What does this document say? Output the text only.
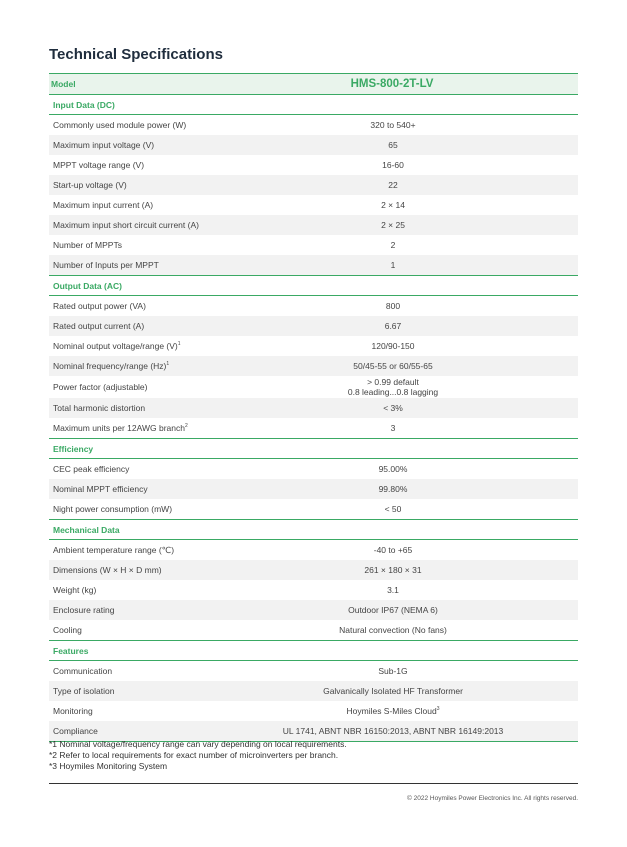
Technical Specifications
Model	HMS-800-2T-LV
Input Data (DC)
Commonly used module power (W)	320 to 540+
Maximum input voltage (V)	65
MPPT voltage range (V)	16-60
Start-up voltage (V)	22
Maximum input current (A)	2 × 14
Maximum input short circuit current (A)	2 × 25
Number of MPPTs	2
Number of Inputs per MPPT	1
Output Data (AC)
Rated output power (VA)	800
Rated output current (A)	6.67
Nominal output voltage/range $(V)^1$	120/90-150
Nominal frequency/range $(Hz)^1$	50/45-55 or 60/55-65
Power factor (adjustable)	> 0.99 default
0.8 leading...0.8 lagging
Total harmonic distortion	< 3%
Maximum units per 12AWG branch$^2$	3
Efficiency
CEC peak efficiency	95.00%
Nominal MPPT efficiency	99.80%
Night power consumption (mW)	< 50
Mechanical Data
Ambient temperature range (℃)	-40 to +65
Dimensions (W × H × D mm)	261 × 180 × 31
Weight (kg)	3.1
Enclosure rating	Outdoor IP67 (NEMA 6)
Cooling	Natural convection (No fans)
Features
Communication	Sub-1G
Type of isolation	Galvanically Isolated HF Transformer
Monitoring	Hoymiles S-Miles Cloud$^3$
Compliance	UL 1741, ABNT NBR 16150:2013, ABNT NBR 16149:2013
*1 Nominal voltage/frequency range can vary depending on local requirements.
*2 Refer to local requirements for exact number of microinverters per branch.
*3 Hoymiles Monitoring System
© 2022 Hoymiles Power Electronics Inc. All rights reserved.
